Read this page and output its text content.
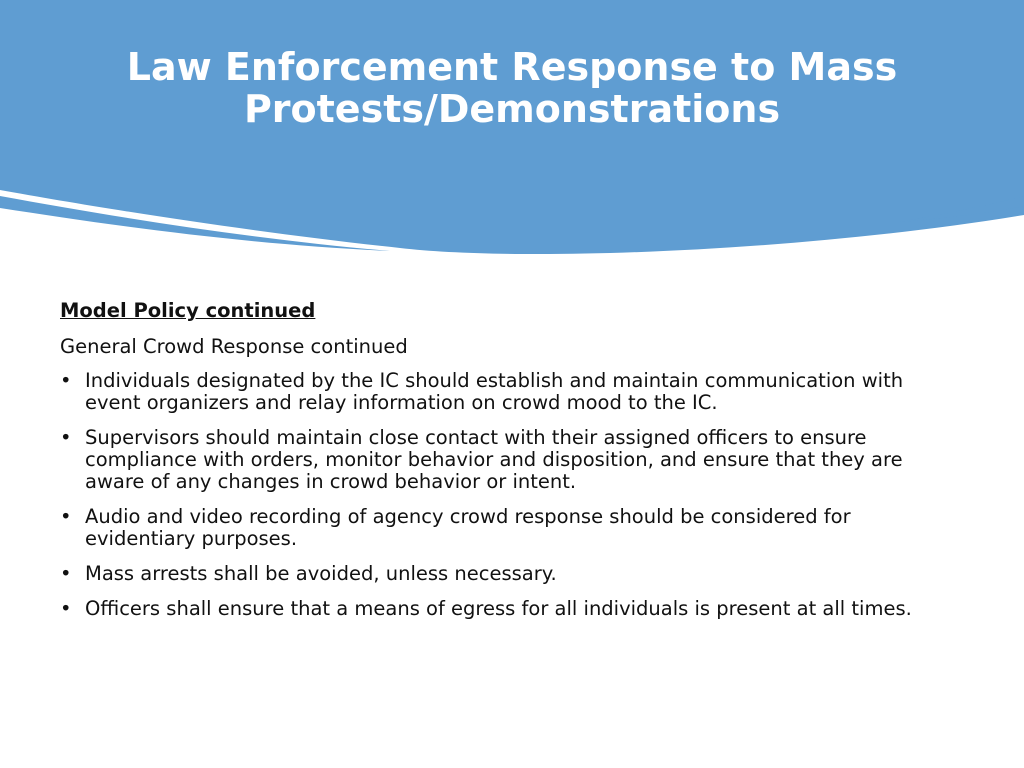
Law Enforcement Response to Mass
Protests/Demonstrations

Model Policy continued

General Crowd Response continued

• Individuals designated by the IC should establish and maintain communication with event organizers and relay information on crowd mood to the IC.
• Supervisors should maintain close contact with their assigned officers to ensure compliance with orders, monitor behavior and disposition, and ensure that they are aware of any changes in crowd behavior or intent.
• Audio and video recording of agency crowd response should be considered for evidentiary purposes.
• Mass arrests shall be avoided, unless necessary.
• Officers shall ensure that a means of egress for all individuals is present at all times.
